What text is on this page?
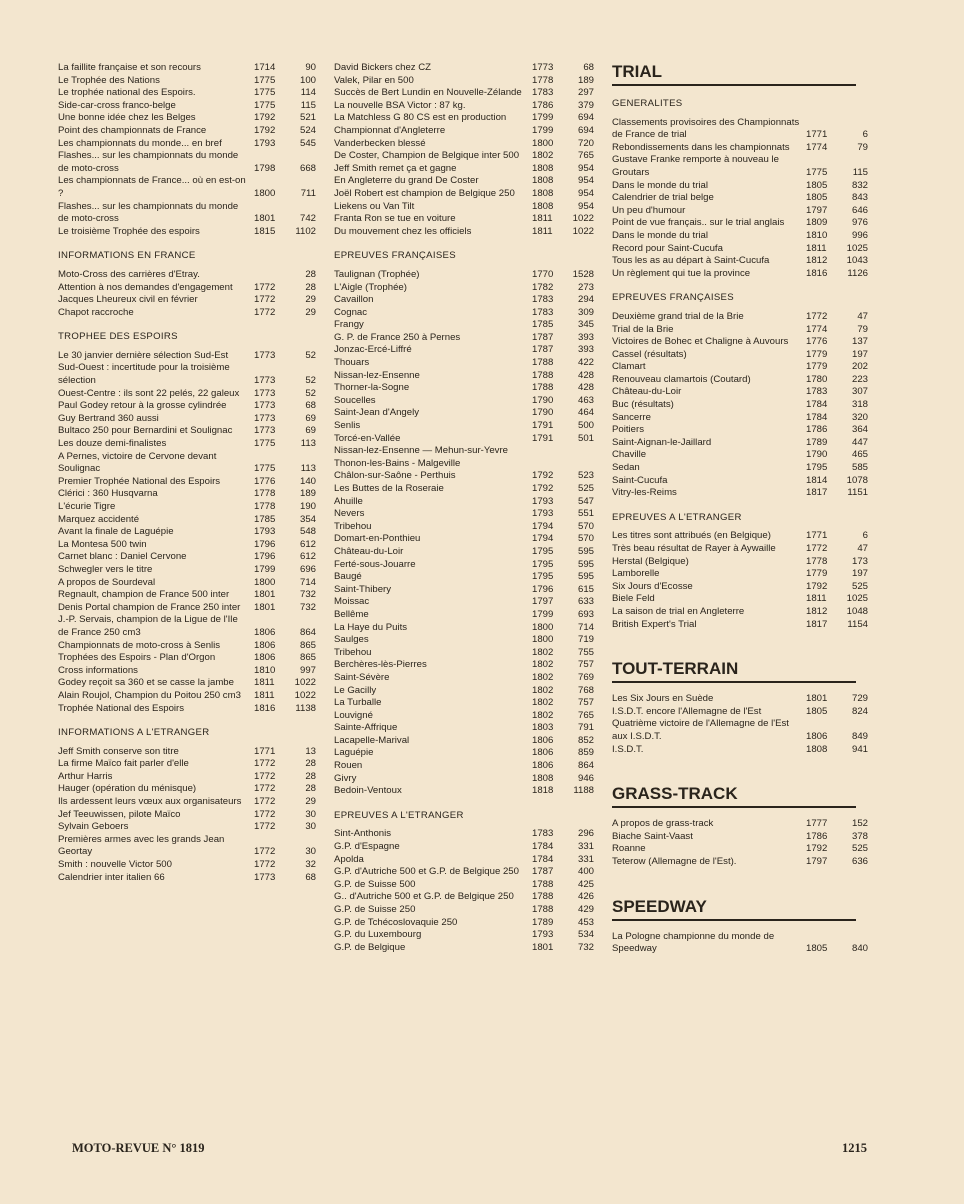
La faillite française et son recours	1714	90
Le Trophée des Nations	1775	100
Le trophée national des Espoirs.	1775	114
Side-car-cross franco-belge	1775	115
Une bonne idée chez les Belges	1792	521
Point des championnats de France	1792	524
Les championnats du monde... en bref	1793	545
Flashes... sur les championnats du monde de moto-cross	1798	668
Les championnats de France... où en est-on ?	1800	711
Flashes... sur les championnats du monde de moto-cross	1801	742
Le troisième Trophée des espoirs	1815	1102
INFORMATIONS EN FRANCE
Moto-Cross des carrières d'Etray.	28
Attention à nos demandes d'engagement	1772	28
Jacques Lheureux civil en février	1772	29
Chapot raccroche	1772	29
TROPHEE DES ESPOIRS
Le 30 janvier dernière sélection Sud-Est	1773	52
Sud-Ouest : incertitude pour la troisième sélection	1773	52
Ouest-Centre : ils sont 22 pelés, 22 galeux	1773	52
Paul Godey retour à la grosse cylindrée	1773	68
Guy Bertrand 360 aussi	1773	69
Bultaco 250 pour Bernardini et Soulignac	1773	69
Les douze demi-finalistes	1775	113
A Pernes, victoire de Cervone devant Soulignac	1775	113
Premier Trophée National des Espoirs	1776	140
Clérici : 360 Husqvarna	1778	189
L'écurie Tigre	1778	190
Marquez accidenté	1785	354
Avant la finale de Laguépie	1793	548
La Montesa 500 twin	1796	612
Carnet blanc : Daniel Cervone	1796	612
Schwegler vers le titre	1799	696
A propos de Sourdeval	1800	714
Regnault, champion de France 500 inter	1801	732
Denis Portal champion de France 250 inter	1801	732
J.-P. Servais, champion de la Ligue de l'Ile de France 250 cm3	1806	864
Championnats de moto-cross à Senlis	1806	865
Trophées des Espoirs - Plan d'Orgon	1806	865
Cross informations	1810	997
Godey reçoit sa 360 et se casse la jambe	1811	1022
Alain Roujol, Champion du Poitou 250 cm3	1811	1022
Trophée National des Espoirs	1816	1138
INFORMATIONS A L'ETRANGER
Jeff Smith conserve son titre	1771	13
La firme Maïco fait parler d'elle	1772	28
Arthur Harris	1772	28
Hauger (opération du ménisque)	1772	28
Ils ardessent leurs vœux aux organisateurs	1772	29
Jef Teeuwissen, pilote Maïco	1772	30
Sylvain Geboers	1772	30
Premières armes avec les grands Jean Geortay	1772	30
Smith : nouvelle Victor 500	1772	32
Calendrier inter italien 66	1773	68
David Bickers chez CZ	1773	68
Valek, Pilar en 500	1778	189
Succès de Bert Lundin en Nouvelle-Zélande	1783	297
La nouvelle BSA Victor : 87 kg.	1786	379
La Matchless G 80 CS est en production	1799	694
Championnat d'Angleterre	1799	694
Vanderbecken blessé	1800	720
De Coster, Champion de Belgique inter 500	1802	765
Jeff Smith remet ça et gagne	1808	954
En Angleterre du grand De Coster	1808	954
Joël Robert est champion de Belgique 250	1808	954
Liekens ou Van Tilt	1808	954
Franta Ron se tue en voiture	1811	1022
Du mouvement chez les officiels	1811	1022
EPREUVES FRANÇAISES
Taulignan (Trophée)	1770	1528
L'Aigle (Trophée)	1782	273
Cavaillon	1783	294
Cognac	1783	309
Frangy	1785	345
G. P. de France 250 à Pernes	1787	393
Jonzac-Ercé-Liffré	1787	393
Thouars	1788	422
Nissan-lez-Ensenne	1788	428
Thorner-la-Sogne	1788	428
Soucelles	1790	463
Saint-Jean d'Angely	1790	464
Senlis	1791	500
Torcé-en-Vallée	1791	501
Nissan-lez-Ensenne — Mehun-sur-Yevre
Thonon-les-Bains - Malgeville
Châlon-sur-Saône - Perthuis	1792	523
Les Buttes de la Roseraie	1792	525
Ahuille	1793	547
Nevers	1793	551
Tribehou	1794	570
Domart-en-Ponthieu	1794	570
Château-du-Loir	1795	595
Ferté-sous-Jouarre	1795	595
Baugé	1795	595
Saint-Thibery	1796	615
Moissac	1797	633
Bellême	1799	693
La Haye du Puits	1800	714
Saulges	1800	719
Tribehou	1802	755
Berchères-lès-Pierres	1802	757
Saint-Sévère	1802	769
Le Gacilly	1802	768
La Turballe	1802	757
Louvigné	1802	765
Sainte-Affrique	1803	791
Lacapelle-Marival	1806	852
Laguépie	1806	859
Rouen	1806	864
Givry	1808	946
Bedoin-Ventoux	1818	1188
EPREUVES A L'ETRANGER
Sint-Anthonis	1783	296
G.P. d'Espagne	1784	331
Apolda	1784	331
G.P. d'Autriche 500 et G.P. de Belgique 250	1787	400
G.P. de Suisse 500	1788	425
G.. d'Autriche 500 et G.P. de Belgique 250	1788	426
G.P. de Suisse 250	1788	429
G.P. de Tchécoslovaquie 250	1789	453
G.P. du Luxembourg	1793	534
G.P. de Belgique	1801	732
TRIAL
GENERALITES
Classements provisoires des Championnats de France de trial	1771	6
Rebondissements dans les championnats	1774	79
Gustave Franke remporte à nouveau le Groutars	1775	115
Dans le monde du trial	1805	832
Calendrier de trial belge	1805	843
Un peu d'humour	1797	646
Point de vue français.. sur le trial anglais	1809	976
Dans le monde du trial	1810	996
Record pour Saint-Cucufa	1811	1025
Tous les as au départ à Saint-Cucufa	1812	1043
Un règlement qui tue la province	1816	1126
EPREUVES FRANÇAISES
Deuxième grand trial de la Brie	1772	47
Trial de la Brie	1774	79
Victoires de Bohec et Chaligne à Auvours	1776	137
Cassel (résultats)	1779	197
Clamart	1779	202
Renouveau clamartois (Coutard)	1780	223
Château-du-Loir	1783	307
Buc (résultats)	1784	318
Sancerre	1784	320
Poitiers	1786	364
Saint-Aignan-le-Jaillard	1789	447
Chaville	1790	465
Sedan	1795	585
Saint-Cucufa	1814	1078
Vitry-les-Reims	1817	1151
EPREUVES A L'ETRANGER
Les titres sont attribués (en Belgique)	1771	6
Très beau résultat de Rayer à Aywaille	1772	47
Herstal (Belgique)	1778	173
Lamborelle	1779	197
Six Jours d'Ecosse	1792	525
Biele Feld	1811	1025
La saison de trial en Angleterre	1812	1048
British Expert's Trial	1817	1154
TOUT-TERRAIN
Les Six Jours en Suède	1801	729
I.S.D.T. encore l'Allemagne de l'Est	1805	824
Quatrième victoire de l'Allemagne de l'Est aux I.S.D.T.	1806	849
I.S.D.T.	1808	941
GRASS-TRACK
A propos de grass-track	1777	152
Biache Saint-Vaast	1786	378
Roanne	1792	525
Teterow (Allemagne de l'Est).	1797	636
SPEEDWAY
La Pologne championne du monde de Speedway	1805	840
MOTO-REVUE N° 1819	1215
